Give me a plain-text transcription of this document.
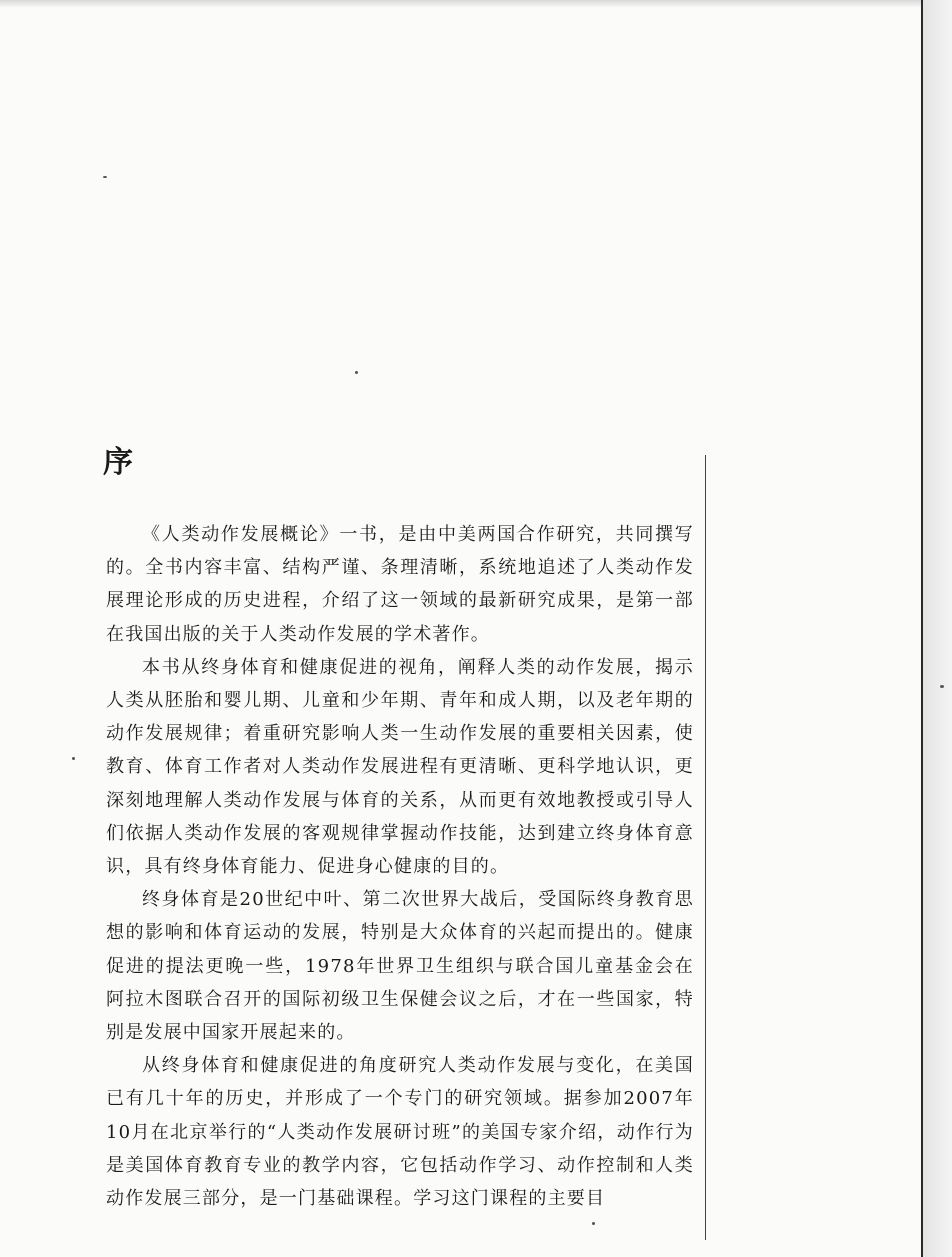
序

《人类动作发展概论》一书，是由中美两国合作研究，共同撰写的。全书内容丰富、结构严谨、条理清晰，系统地追述了人类动作发展理论形成的历史进程，介绍了这一领域的最新研究成果，是第一部在我国出版的关于人类动作发展的学术著作。

本书从终身体育和健康促进的视角，阐释人类的动作发展，揭示人类从胚胎和婴儿期、儿童和少年期、青年和成人期，以及老年期的动作发展规律；着重研究影响人类一生动作发展的重要相关因素，使教育、体育工作者对人类动作发展进程有更清晰、更科学地认识，更深刻地理解人类动作发展与体育的关系，从而更有效地教授或引导人们依据人类动作发展的客观规律掌握动作技能，达到建立终身体育意识，具有终身体育能力、促进身心健康的目的。

终身体育是20世纪中叶、第二次世界大战后，受国际终身教育思想的影响和体育运动的发展，特别是大众体育的兴起而提出的。健康促进的提法更晚一些，1978年世界卫生组织与联合国儿童基金会在阿拉木图联合召开的国际初级卫生保健会议之后，才在一些国家，特别是发展中国家开展起来的。

从终身体育和健康促进的角度研究人类动作发展与变化，在美国已有几十年的历史，并形成了一个专门的研究领域。据参加2007年10月在北京举行的“人类动作发展研讨班”的美国专家介绍，动作行为是美国体育教育专业的教学内容，它包括动作学习、动作控制和人类动作发展三部分，是一门基础课程。学习这门课程的主要目
